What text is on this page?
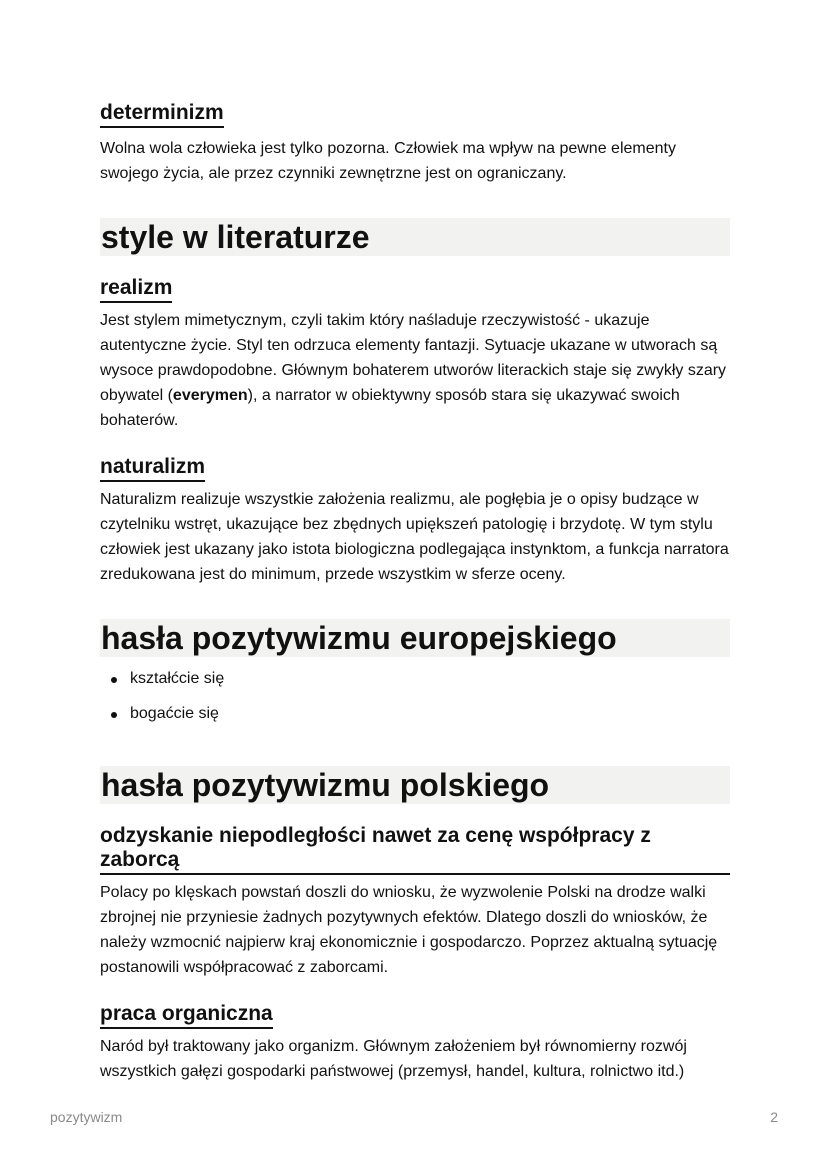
determinizm

Wolna wola człowieka jest tylko pozorna. Człowiek ma wpływ na pewne elementy swojego życia, ale przez czynniki zewnętrzne jest on ograniczany.

style w literaturze
realizm

Jest stylem mimetycznym, czyli takim który naśladuje rzeczywistość - ukazuje autentyczne życie. Styl ten odrzuca elementy fantazji. Sytuacje ukazane w utworach są wysoce prawdopodobne. Głównym bohaterem utworów literackich staje się zwykły szary obywatel (everymen), a narrator w obiektywny sposób stara się ukazywać swoich bohaterów.

naturalizm

Naturalizm realizuje wszystkie założenia realizmu, ale pogłębia je o opisy budzące w czytelniku wstręt, ukazujące bez zbędnych upiększeń patologię i brzydotę. W tym stylu człowiek jest ukazany jako istota biologiczna podlegająca instynktom, a funkcja narratora zredukowana jest do minimum, przede wszystkim w sferze oceny.

hasła pozytywizmu europejskiego
kształćcie się
bogaćcie się
hasła pozytywizmu polskiego
odzyskanie niepodległości nawet za cenę współpracy z zaborcą

Polacy po klęskach powstań doszli do wniosku, że wyzwolenie Polski na drodze walki zbrojnej nie przyniesie żadnych pozytywnych efektów. Dlatego doszli do wniosków, że należy wzmocnić najpierw kraj ekonomicznie i gospodarczo. Poprzez aktualną sytuację postanowili współpracować z zaborcami.

praca organiczna

Naród był traktowany jako organizm. Głównym założeniem był równomierny rozwój wszystkich gałęzi gospodarki państwowej (przemysł, handel, kultura, rolnictwo itd.)

pozytywizm	2
